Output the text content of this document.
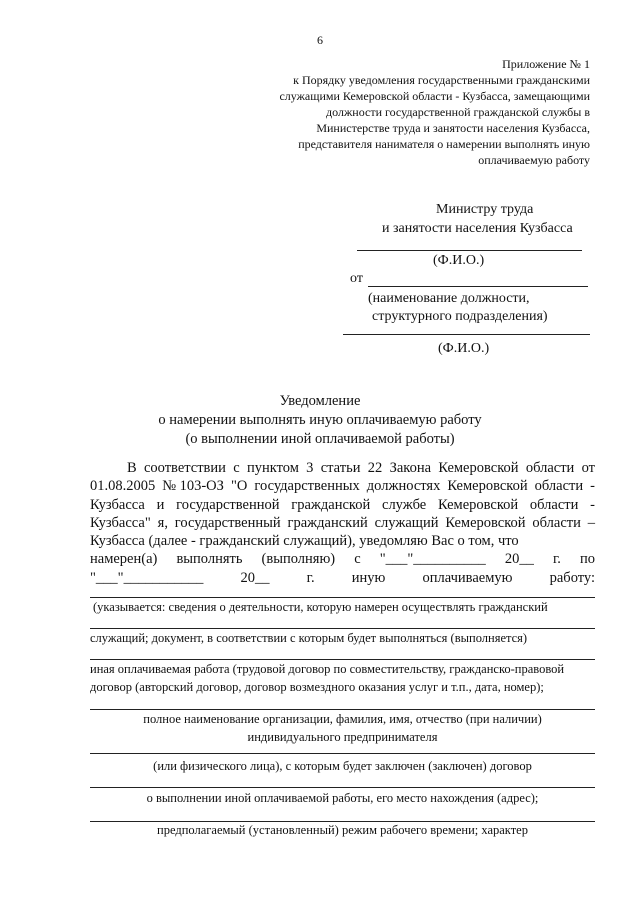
6
Приложение № 1
к Порядку уведомления государственными гражданскими
служащими Кемеровской области - Кузбасса, замещающими
должности государственной гражданской службы в
Министерстве труда и занятости населения Кузбасса,
представителя нанимателя о намерении выполнять иную
оплачиваемую работу
Министру труда
и занятости населения Кузбасса
(Ф.И.О.)
от
(наименование должности,
структурного подразделения)
(Ф.И.О.)
Уведомление
о намерении выполнять иную оплачиваемую работу
(о выполнении иной оплачиваемой работы)

В соответствии с пунктом 3 статьи 22 Закона Кемеровской области от 01.08.2005 №103-ОЗ "О государственных должностях Кемеровской области - Кузбасса и государственной гражданской службе Кемеровской области - Кузбасса" я, государственный гражданский служащий Кемеровской области – Кузбасса (далее - гражданский служащий), уведомляю Вас о том, что

намерен(а) выполнять (выполняю) с "___"__________ 20__ г. по
"___"___________	20__	г.	иную	оплачиваемую	работу:
(указывается: сведения о деятельности, которую намерен осуществлять гражданский
служащий; документ, в соответствии с которым будет выполняться (выполняется)
иная оплачиваемая работа (трудовой договор по совместительству, гражданско-правовой
договор (авторский договор, договор возмездного оказания услуг и т.п., дата, номер);
полное наименование организации, фамилия, имя, отчество (при наличии)
индивидуального предпринимателя
(или физического лица), с которым будет заключен (заключен) договор
о выполнении иной оплачиваемой работы, его место нахождения (адрес);
предполагаемый (установленный) режим рабочего времени; характер
